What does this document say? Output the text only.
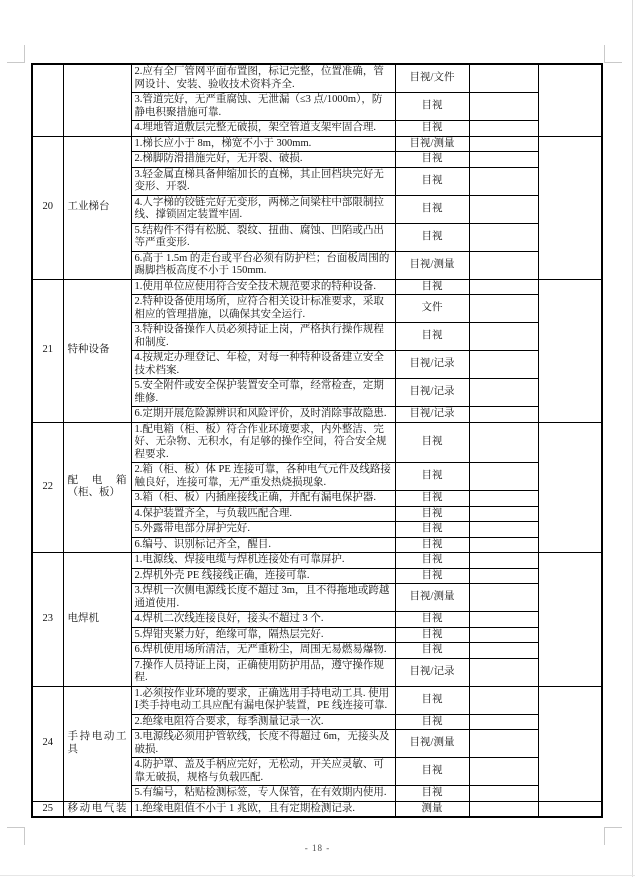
		2.应有全厂管网平面布置图，标记完整，位置准确，管网设计、安装、验收技术资料齐全.	目视/文件		
		3.管道完好，无严重腐蚀、无泄漏（≤3 点/1000m），防静电积聚措施可靠.	目视		
		4.埋地管道敷层完整无破损，架空管道支架牢固合理.	目视		
20	工业梯台	1.梯长应小于 8m，梯宽不小于 300mm.	目视/测量		
		2.梯脚防滑措施完好，无开裂、破损.	目视		
		3.轻金属直梯具备伸缩加长的直梯，其止回档块完好无变形、开裂.	目视		
		4.人字梯的铰链完好无变形，两梯之间梁柱中部限制拉线、撑锁固定装置牢固.	目视		
		5.结构件不得有松脱、裂纹、扭曲、腐蚀、凹陷或凸出等严重变形.	目视		
		6.高于 1.5m 的走台或平台必须有防护栏；台面板周围的踢脚挡板高度不小于 150mm.	目视/测量		
21	特种设备	1.使用单位应使用符合安全技术规范要求的特种设备.	目视		
		2.特种设备使用场所，应符合相关设计标准要求，采取相应的管理措施，以确保其安全运行.	文件		
		3.特种设备操作人员必须持证上岗，严格执行操作规程和制度.	目视		
		4.按规定办理登记、年检，对每一种特种设备建立安全技术档案.	目视/记录		
		5.安全附件或安全保护装置安全可靠，经常检查，定期维修.	目视/记录		
		6.定期开展危险源辨识和风险评价，及时消除事故隐患.	目视/记录		
22	配电箱（柜、板）	1.配电箱（柜、板）符合作业环境要求，内外整洁、完好、无杂物、无积水，有足够的操作空间，符合安全规程要求.	目视		
		2.箱（柜、板）体 PE 连接可靠，各种电气元件及线路接触良好，连接可靠，无严重发热烧损现象.	目视		
		3.箱（柜、板）内插座接线正确，并配有漏电保护器.	目视		
		4.保护装置齐全，与负载匹配合理.	目视		
		5.外露带电部分屏护完好.	目视		
		6.编号、识别标记齐全，醒目.	目视		
23	电焊机	1.电源线、焊接电缆与焊机连接处有可靠屏护.	目视		
		2.焊机外壳 PE 线接线正确，连接可靠.	目视		
		3.焊机一次侧电源线长度不超过 3m，且不得拖地或跨越通道使用.	目视/测量		
		4.焊机二次线连接良好，接头不超过 3 个.	目视		
		5.焊钳夹紧力好，绝缘可靠，隔热层完好.	目视		
		6.焊机使用场所清洁，无严重粉尘，周围无易燃易爆物.	目视		
		7.操作人员持证上岗，正确使用防护用品，遵守操作规程.	目视/记录		
24	手持电动工具	1.必须按作业环境的要求，正确选用手持电动工具. 使用Ⅰ类手持电动工具应配有漏电保护装置，PE 线连接可靠.	目视		
		2.绝缘电阻符合要求，每季测量记录一次.	目视		
		3.电源线必须用护管软线，长度不得超过 6m，无接头及破损.	目视/测量		
		4.防护罩、盖及手柄应完好，无松动，开关应灵敏、可靠无破损，规格与负载匹配.	目视		
		5.有编号，粘贴检测标签，专人保管，在有效期内使用.	目视		
25	移动电气装	1.绝缘电阻值不小于 1 兆欧，且有定期检测记录.	测量		
- 18 -
